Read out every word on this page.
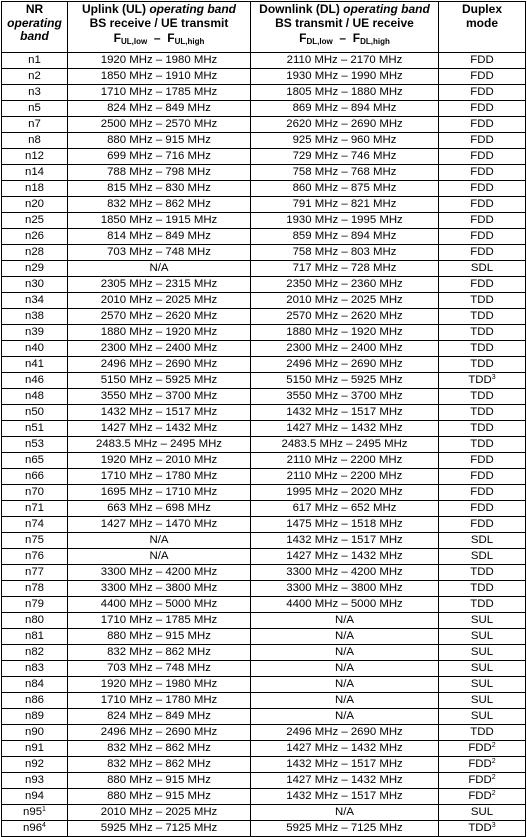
NR
operating
band	Uplink (UL) operating band
BS receive / UE transmit
FUL,low – FUL,high	Downlink (DL) operating band
BS transmit / UE receive
FDL,low – FDL,high	Duplex
mode
n1	1920 MHz – 1980 MHz	2110 MHz – 2170 MHz	FDD
n2	1850 MHz – 1910 MHz	1930 MHz – 1990 MHz	FDD
n3	1710 MHz – 1785 MHz	1805 MHz – 1880 MHz	FDD
n5	824 MHz – 849 MHz	869 MHz – 894 MHz	FDD
n7	2500 MHz – 2570 MHz	2620 MHz – 2690 MHz	FDD
n8	880 MHz – 915 MHz	925 MHz – 960 MHz	FDD
n12	699 MHz – 716 MHz	729 MHz – 746 MHz	FDD
n14	788 MHz – 798 MHz	758 MHz – 768 MHz	FDD
n18	815 MHz – 830 MHz	860 MHz – 875 MHz	FDD
n20	832 MHz – 862 MHz	791 MHz – 821 MHz	FDD
n25	1850 MHz – 1915 MHz	1930 MHz – 1995 MHz	FDD
n26	814 MHz – 849 MHz	859 MHz – 894 MHz	FDD
n28	703 MHz – 748 MHz	758 MHz – 803 MHz	FDD
n29	N/A	717 MHz – 728 MHz	SDL
n30	2305 MHz – 2315 MHz	2350 MHz – 2360 MHz	FDD
n34	2010 MHz – 2025 MHz	2010 MHz – 2025 MHz	TDD
n38	2570 MHz – 2620 MHz	2570 MHz – 2620 MHz	TDD
n39	1880 MHz – 1920 MHz	1880 MHz – 1920 MHz	TDD
n40	2300 MHz – 2400 MHz	2300 MHz – 2400 MHz	TDD
n41	2496 MHz – 2690 MHz	2496 MHz – 2690 MHz	TDD
n46	5150 MHz – 5925 MHz	5150 MHz – 5925 MHz	TDD$^3$
n48	3550 MHz – 3700 MHz	3550 MHz – 3700 MHz	TDD
n50	1432 MHz – 1517 MHz	1432 MHz – 1517 MHz	TDD
n51	1427 MHz – 1432 MHz	1427 MHz – 1432 MHz	TDD
n53	2483.5 MHz – 2495 MHz	2483.5 MHz – 2495 MHz	TDD
n65	1920 MHz – 2010 MHz	2110 MHz – 2200 MHz	FDD
n66	1710 MHz – 1780 MHz	2110 MHz – 2200 MHz	FDD
n70	1695 MHz – 1710 MHz	1995 MHz – 2020 MHz	FDD
n71	663 MHz – 698 MHz	617 MHz – 652 MHz	FDD
n74	1427 MHz – 1470 MHz	1475 MHz – 1518 MHz	FDD
n75	N/A	1432 MHz – 1517 MHz	SDL
n76	N/A	1427 MHz – 1432 MHz	SDL
n77	3300 MHz – 4200 MHz	3300 MHz – 4200 MHz	TDD
n78	3300 MHz – 3800 MHz	3300 MHz – 3800 MHz	TDD
n79	4400 MHz – 5000 MHz	4400 MHz – 5000 MHz	TDD
n80	1710 MHz – 1785 MHz	N/A	SUL
n81	880 MHz – 915 MHz	N/A	SUL
n82	832 MHz – 862 MHz	N/A	SUL
n83	703 MHz – 748 MHz	N/A	SUL
n84	1920 MHz – 1980 MHz	N/A	SUL
n86	1710 MHz – 1780 MHz	N/A	SUL
n89	824 MHz – 849 MHz	N/A	SUL
n90	2496 MHz – 2690 MHz	2496 MHz – 2690 MHz	TDD
n91	832 MHz – 862 MHz	1427 MHz – 1432 MHz	FDD$^2$
n92	832 MHz – 862 MHz	1432 MHz – 1517 MHz	FDD$^2$
n93	880 MHz – 915 MHz	1427 MHz – 1432 MHz	FDD$^2$
n94	880 MHz – 915 MHz	1432 MHz – 1517 MHz	FDD$^2$
$n95^1$	2010 MHz – 2025 MHz	N/A	SUL
$n96^4$	5925 MHz – 7125 MHz	5925 MHz – 7125 MHz	TDD$^3$
